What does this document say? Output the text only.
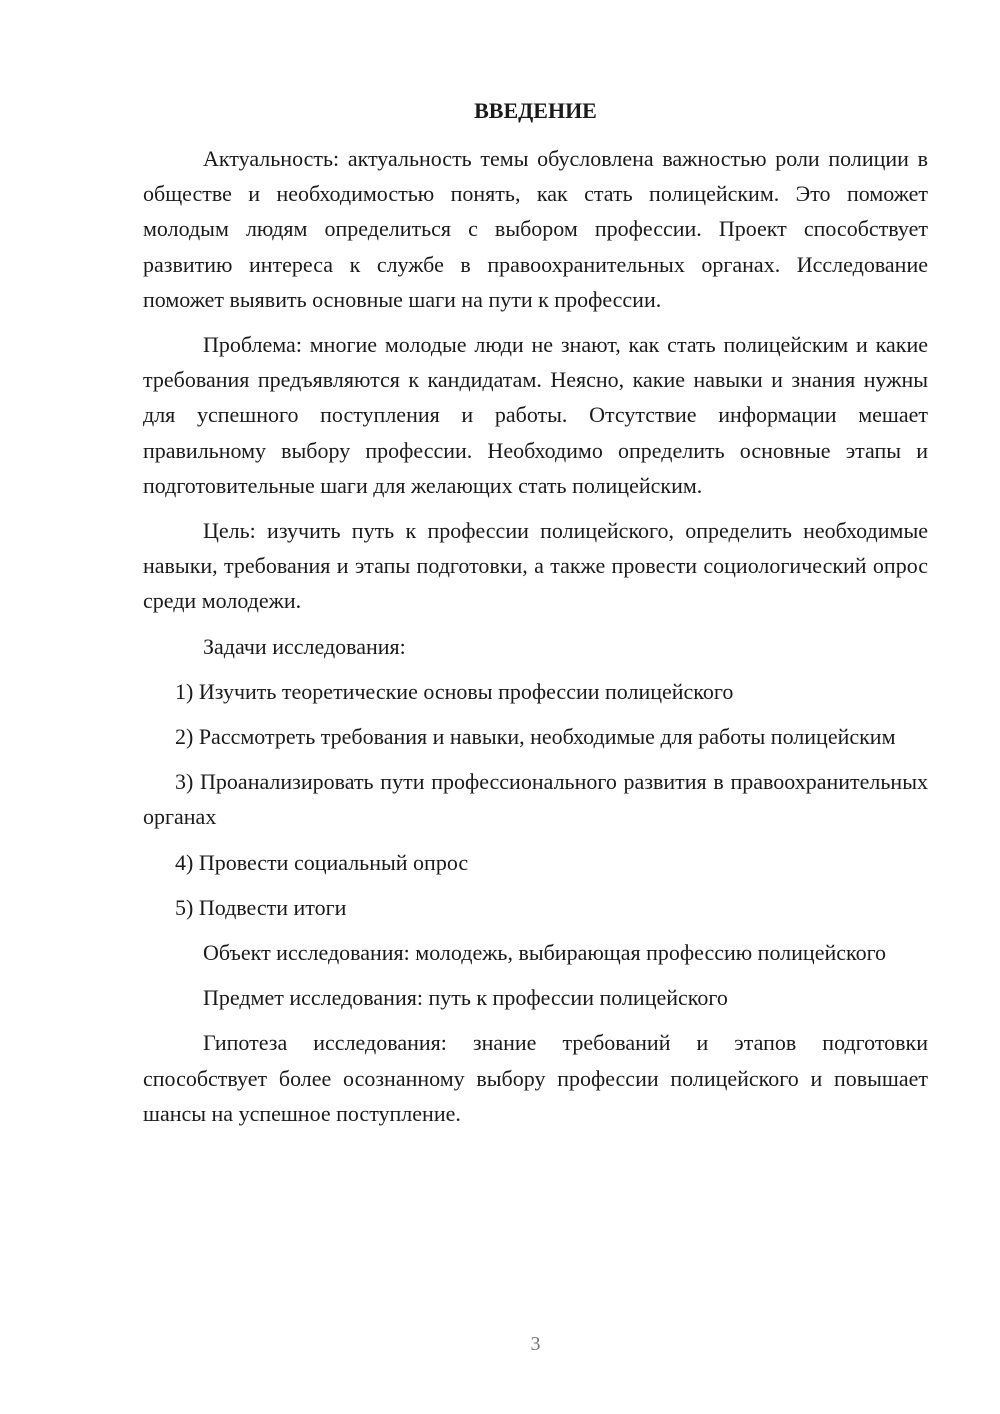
ВВЕДЕНИЕ

Актуальность: актуальность темы обусловлена важностью роли полиции в обществе и необходимостью понять, как стать полицейским. Это поможет молодым людям определиться с выбором профессии. Проект способствует развитию интереса к службе в правоохранительных органах. Исследование поможет выявить основные шаги на пути к профессии.

Проблема: многие молодые люди не знают, как стать полицейским и какие требования предъявляются к кандидатам. Неясно, какие навыки и знания нужны для успешного поступления и работы. Отсутствие информации мешает правильному выбору профессии. Необходимо определить основные этапы и подготовительные шаги для желающих стать полицейским.

Цель: изучить путь к профессии полицейского, определить необходимые навыки, требования и этапы подготовки, а также провести социологический опрос среди молодежи.

Задачи исследования:

1) Изучить теоретические основы профессии полицейского

2) Рассмотреть требования и навыки, необходимые для работы полицейским

3) Проанализировать пути профессионального развития в правоохранительных органах

4) Провести социальный опрос

5) Подвести итоги

Объект исследования: молодежь, выбирающая профессию полицейского

Предмет исследования: путь к профессии полицейского

Гипотеза исследования: знание требований и этапов подготовки способствует более осознанному выбору профессии полицейского и повышает шансы на успешное поступление.

3
